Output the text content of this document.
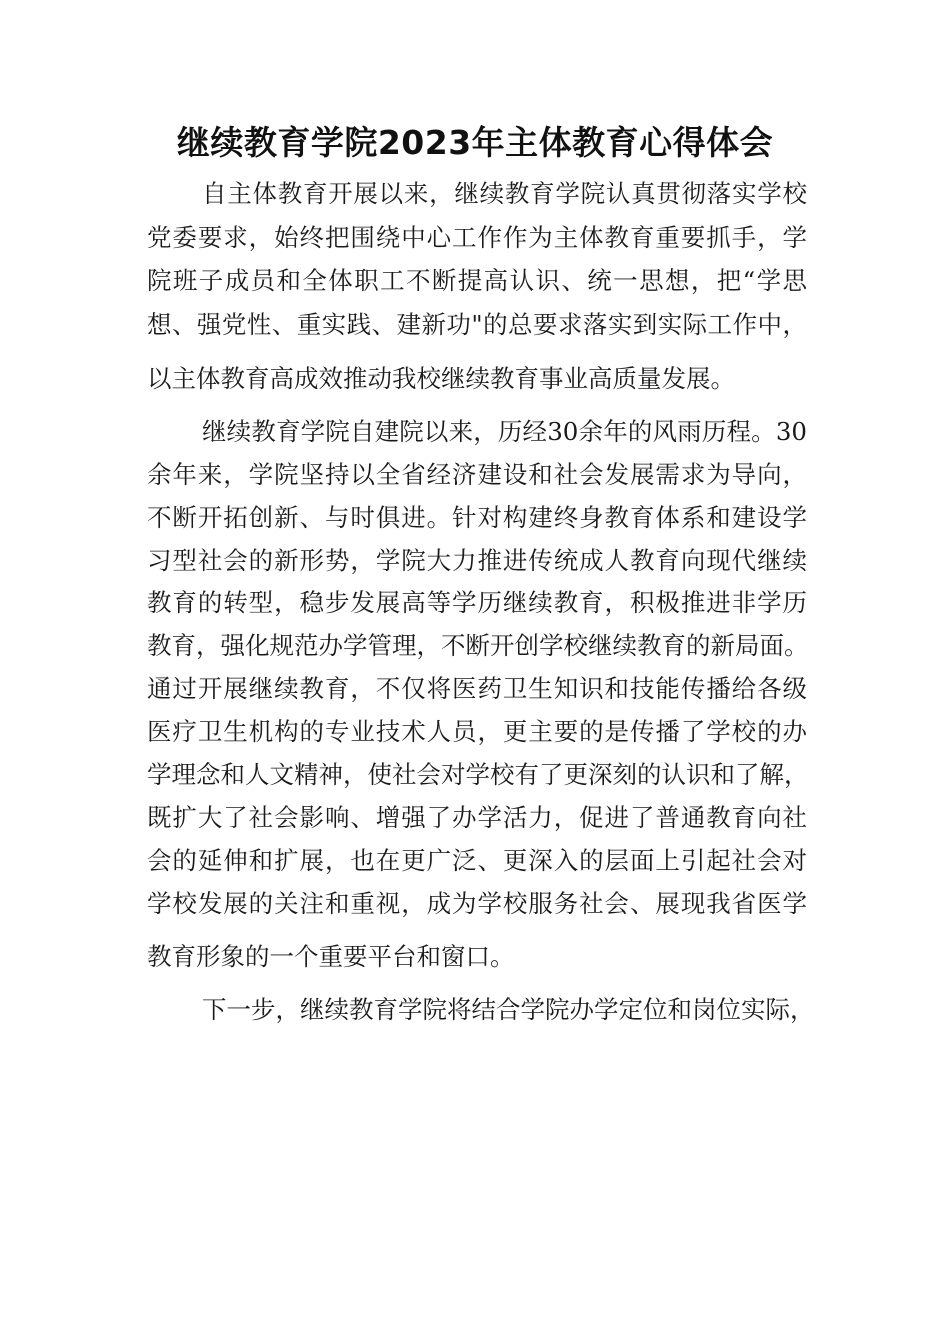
继续教育学院2023年主体教育心得体会
自主体教育开展以来，继续教育学院认真贯彻落实学校
党委要求，始终把围绕中心工作作为主体教育重要抓手，学
院班子成员和全体职工不断提高认识、统一思想，把“学思
想、强党性、重实践、建新功"的总要求落实到实际工作中，
以主体教育高成效推动我校继续教育事业高质量发展。
继续教育学院自建院以来，历经30余年的风雨历程。30
余年来，学院坚持以全省经济建设和社会发展需求为导向，
不断开拓创新、与时俱进。针对构建终身教育体系和建设学
习型社会的新形势，学院大力推进传统成人教育向现代继续
教育的转型，稳步发展高等学历继续教育，积极推进非学历
教育，强化规范办学管理，不断开创学校继续教育的新局面。
通过开展继续教育，不仅将医药卫生知识和技能传播给各级
医疗卫生机构的专业技术人员，更主要的是传播了学校的办
学理念和人文精神，使社会对学校有了更深刻的认识和了解，
既扩大了社会影响、增强了办学活力，促进了普通教育向社
会的延伸和扩展，也在更广泛、更深入的层面上引起社会对
学校发展的关注和重视，成为学校服务社会、展现我省医学
教育形象的一个重要平台和窗口。
下一步，继续教育学院将结合学院办学定位和岗位实际，
